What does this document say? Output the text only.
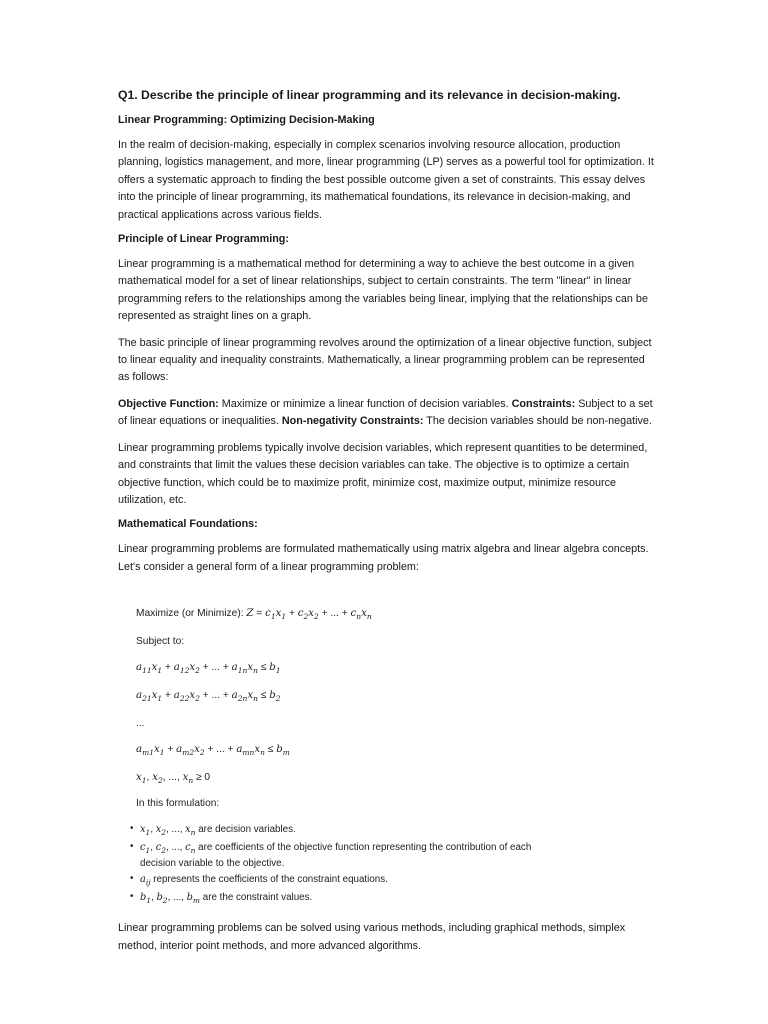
Q1. Describe the principle of linear programming and its relevance in decision-making.
Linear Programming: Optimizing Decision-Making

In the realm of decision-making, especially in complex scenarios involving resource allocation, production planning, logistics management, and more, linear programming (LP) serves as a powerful tool for optimization. It offers a systematic approach to finding the best possible outcome given a set of constraints. This essay delves into the principle of linear programming, its mathematical foundations, its relevance in decision-making, and practical applications across various fields.

Principle of Linear Programming:

Linear programming is a mathematical method for determining a way to achieve the best outcome in a given mathematical model for a set of linear relationships, subject to certain constraints. The term "linear" in linear programming refers to the relationships among the variables being linear, implying that the relationships can be represented as straight lines on a graph.

The basic principle of linear programming revolves around the optimization of a linear objective function, subject to linear equality and inequality constraints. Mathematically, a linear programming problem can be represented as follows:

Objective Function: Maximize or minimize a linear function of decision variables. Constraints: Subject to a set of linear equations or inequalities. Non-negativity Constraints: The decision variables should be non-negative.

Linear programming problems typically involve decision variables, which represent quantities to be determined, and constraints that limit the values these decision variables can take. The objective is to optimize a certain objective function, which could be to maximize profit, minimize cost, maximize output, minimize resource utilization, etc.

Mathematical Foundations:

Linear programming problems are formulated mathematically using matrix algebra and linear algebra concepts. Let's consider a general form of a linear programming problem:

Maximize (or Minimize): $Z = c_1x_1 + c_2x_2$ + ... + $c_nx_n$
Subject to:
$a_{11}x_1 + a_{12}x_2$ + ... + $a_{1n}x_n \le b_1$
$a_{21}x_1 + a_{22}x_2$ + ... + $a_{2n}x_n \le b_2$
...
$a_{m1}x_1 + a_{m2}x_2$ + ... + $a_{mn}x_n \le b_m$
$x_1$, $x_2$, ..., $x_n \ge 0$
In this formulation:
• $x_1$, $x_2$, ..., $x_n$ are decision variables.
• $c_1$, $c_2$, ..., $c_n$ are coefficients of the objective function representing the contribution of each
decision variable to the objective.
• $a_{ij}$ represents the coefficients of the constraint equations.
• $b_1$, $b_2$, ..., $b_m$ are the constraint values.

Linear programming problems can be solved using various methods, including graphical methods, simplex method, interior point methods, and more advanced algorithms.
